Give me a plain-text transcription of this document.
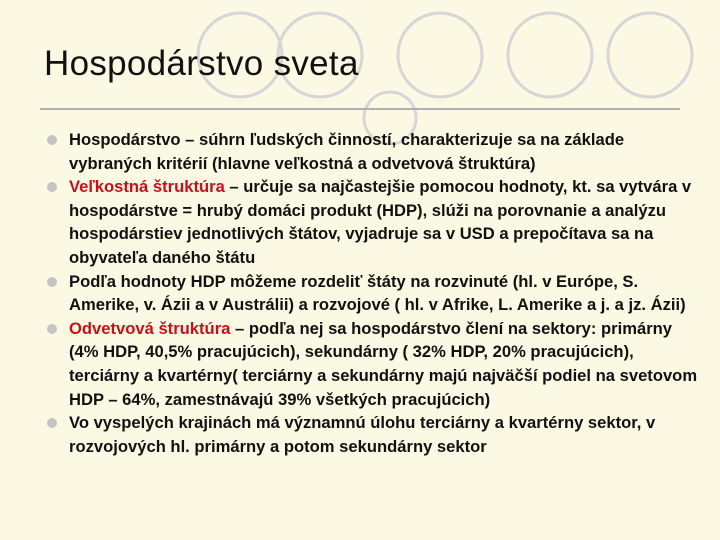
Hospodárstvo sveta
Hospodárstvo – súhrn ľudských činností, charakterizuje sa na základe vybraných kritérií (hlavne veľkostná a odvetvová štruktúra)
Veľkostná štruktúra – určuje sa najčastejšie pomocou hodnoty, kt. sa vytvára v hospodárstve = hrubý domáci produkt (HDP), slúži na porovnanie a analýzu hospodárstiev jednotlivých štátov, vyjadruje sa v USD a prepočítava sa na obyvateľa daného štátu
Podľa hodnoty HDP môžeme rozdeliť štáty na rozvinuté (hl. v Európe, S. Amerike, v. Ázii a v Austrálii) a rozvojové ( hl. v Afrike, L. Amerike a j. a jz. Ázii)
Odvetvová štruktúra – podľa nej sa hospodárstvo člení na sektory: primárny (4% HDP, 40,5% pracujúcich), sekundárny ( 32% HDP, 20% pracujúcich), terciárny a kvartérny( terciárny a sekundárny majú najväčší podiel na svetovom HDP – 64%, zamestnávajú 39% všetkých pracujúcich)
Vo vyspelých krajinách má významnú úlohu terciárny a kvartérny sektor, v rozvojových hl. primárny a potom sekundárny sektor
